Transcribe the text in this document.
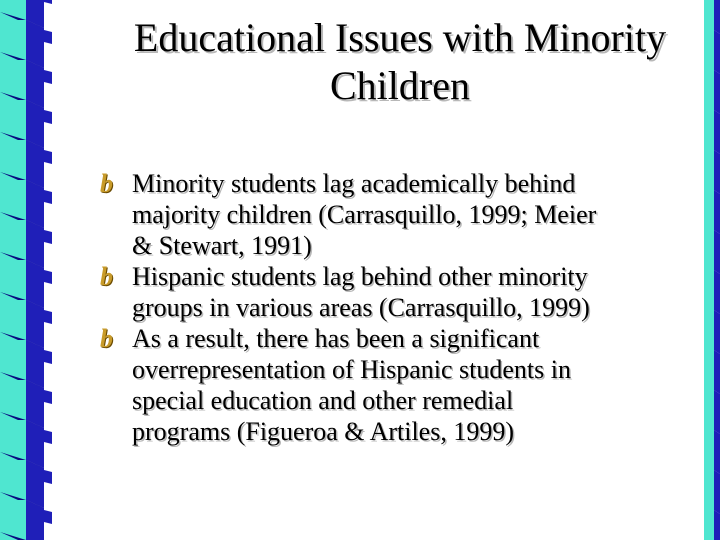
Educational Issues with Minority
Children
b Minority students lag academically behind
majority children (Carrasquillo, 1999; Meier
& Stewart, 1991)
b Hispanic students lag behind other minority
groups in various areas (Carrasquillo, 1999)
b As a result, there has been a significant
overrepresentation of Hispanic students in
special education and other remedial
programs (Figueroa & Artiles, 1999)
